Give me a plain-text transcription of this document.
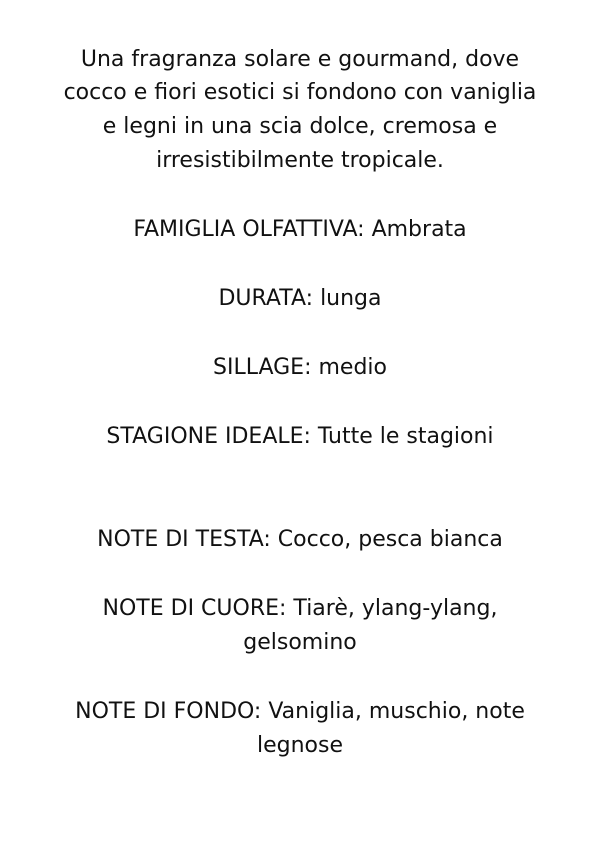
Una fragranza solare e gourmand, dove
cocco e fiori esotici si fondono con vaniglia
e legni in una scia dolce, cremosa e
irresistibilmente tropicale.
FAMIGLIA OLFATTIVA: Ambrata
DURATA: lunga
SILLAGE: medio
STAGIONE IDEALE: Tutte le stagioni
NOTE DI TESTA: Cocco, pesca bianca
NOTE DI CUORE: Tiarè, ylang-ylang,
gelsomino
NOTE DI FONDO: Vaniglia, muschio, note
legnose
